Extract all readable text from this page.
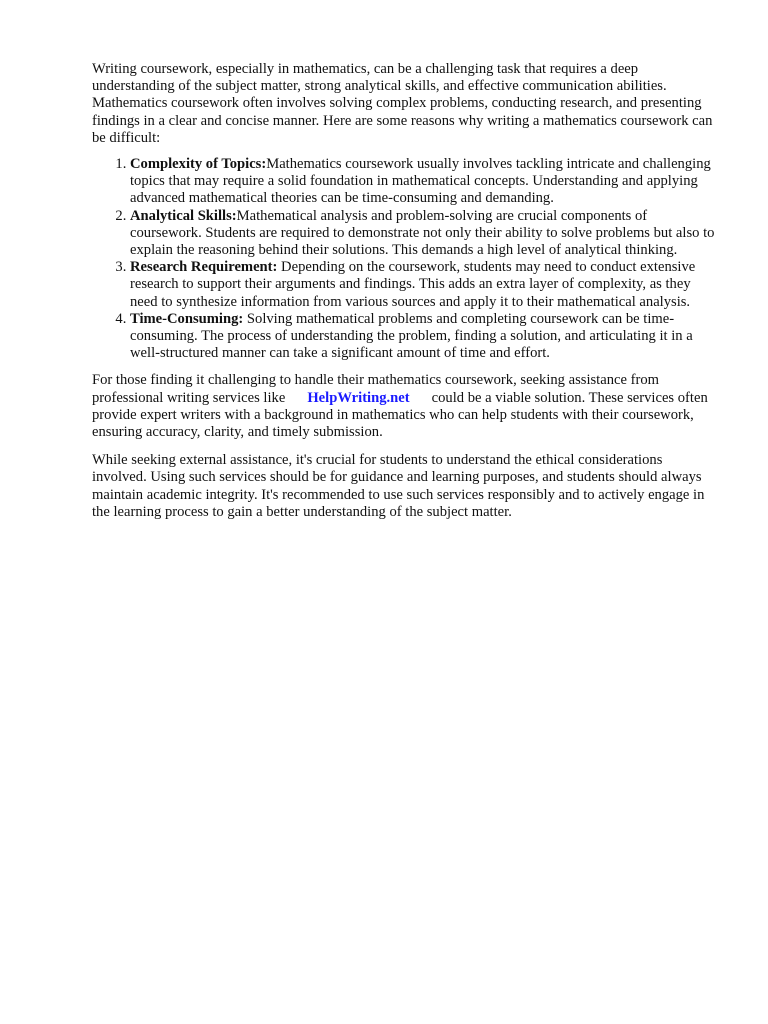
Writing coursework, especially in mathematics, can be a challenging task that requires a deep understanding of the subject matter, strong analytical skills, and effective communication abilities. Mathematics coursework often involves solving complex problems, conducting research, and presenting findings in a clear and concise manner. Here are some reasons why writing a mathematics coursework can be difficult:

1. Complexity of Topics:Mathematics coursework usually involves tackling intricate and challenging topics that may require a solid foundation in mathematical concepts. Understanding and applying advanced mathematical theories can be time-consuming and demanding.
2. Analytical Skills:Mathematical analysis and problem-solving are crucial components of coursework. Students are required to demonstrate not only their ability to solve problems but also to explain the reasoning behind their solutions. This demands a high level of analytical thinking.
3. Research Requirement: Depending on the coursework, students may need to conduct extensive research to support their arguments and findings. This adds an extra layer of complexity, as they need to synthesize information from various sources and apply it to their mathematical analysis.
4. Time-Consuming: Solving mathematical problems and completing coursework can be time-consuming. The process of understanding the problem, finding a solution, and articulating it in a well-structured manner can take a significant amount of time and effort.

For those finding it challenging to handle their mathematics coursework, seeking assistance from professional writing services like HelpWriting.net could be a viable solution. These services often provide expert writers with a background in mathematics who can help students with their coursework, ensuring accuracy, clarity, and timely submission.

While seeking external assistance, it's crucial for students to understand the ethical considerations involved. Using such services should be for guidance and learning purposes, and students should always maintain academic integrity. It's recommended to use such services responsibly and to actively engage in the learning process to gain a better understanding of the subject matter.
